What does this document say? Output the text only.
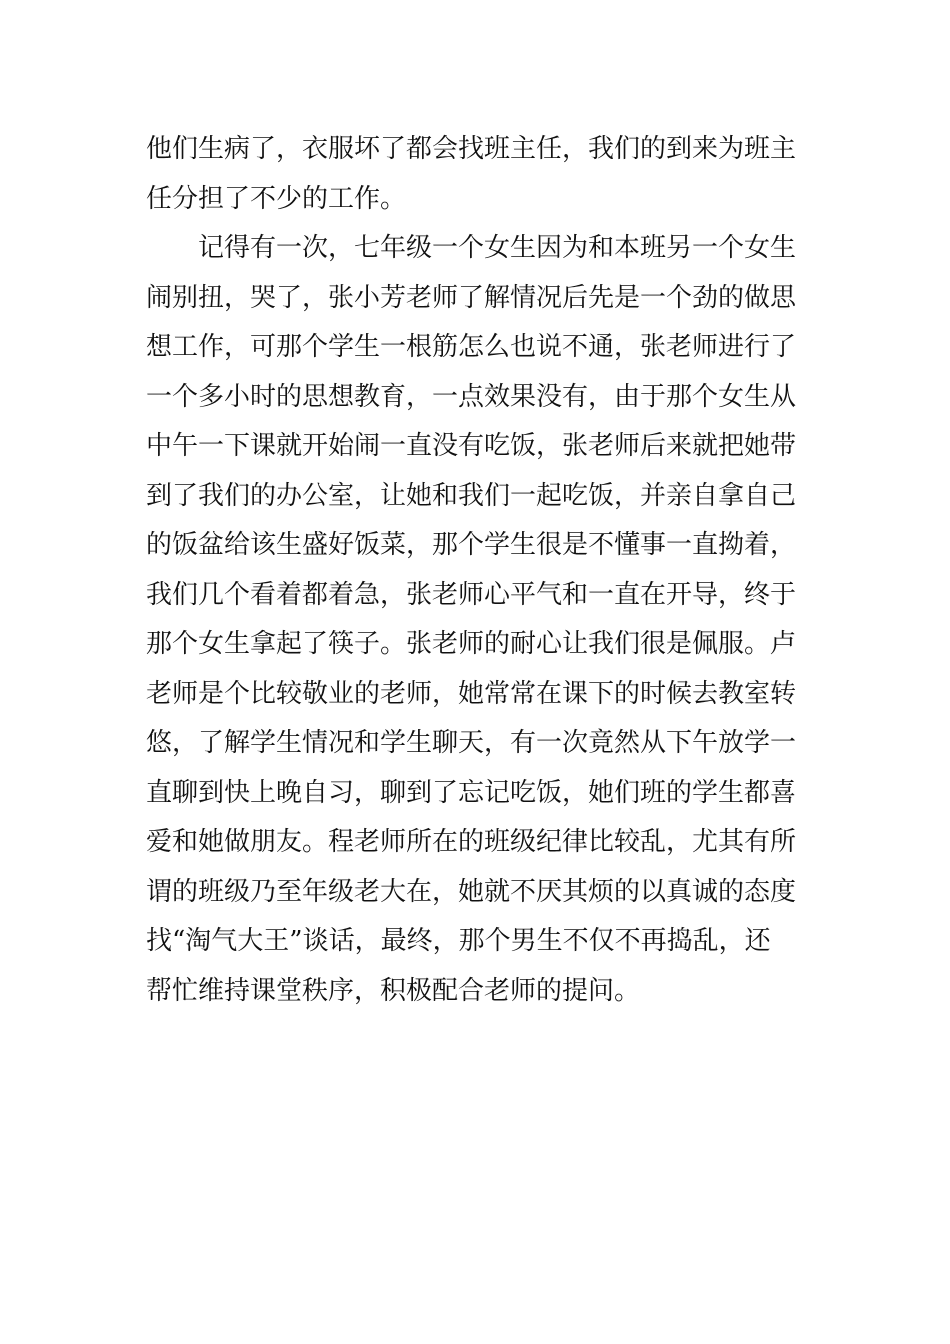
他们生病了，衣服坏了都会找班主任，我们的到来为班主
任分担了不少的工作。
记得有一次，七年级一个女生因为和本班另一个女生
闹别扭，哭了，张小芳老师了解情况后先是一个劲的做思
想工作，可那个学生一根筋怎么也说不通，张老师进行了
一个多小时的思想教育，一点效果没有，由于那个女生从
中午一下课就开始闹一直没有吃饭，张老师后来就把她带
到了我们的办公室，让她和我们一起吃饭，并亲自拿自己
的饭盆给该生盛好饭菜，那个学生很是不懂事一直拗着，
我们几个看着都着急，张老师心平气和一直在开导，终于
那个女生拿起了筷子。张老师的耐心让我们很是佩服。卢
老师是个比较敬业的老师，她常常在课下的时候去教室转
悠，了解学生情况和学生聊天，有一次竟然从下午放学一
直聊到快上晚自习，聊到了忘记吃饭，她们班的学生都喜
爱和她做朋友。程老师所在的班级纪律比较乱，尤其有所
谓的班级乃至年级老大在，她就不厌其烦的以真诚的态度
找“淘气大王”谈话，最终，那个男生不仅不再捣乱，还
帮忙维持课堂秩序，积极配合老师的提问。
